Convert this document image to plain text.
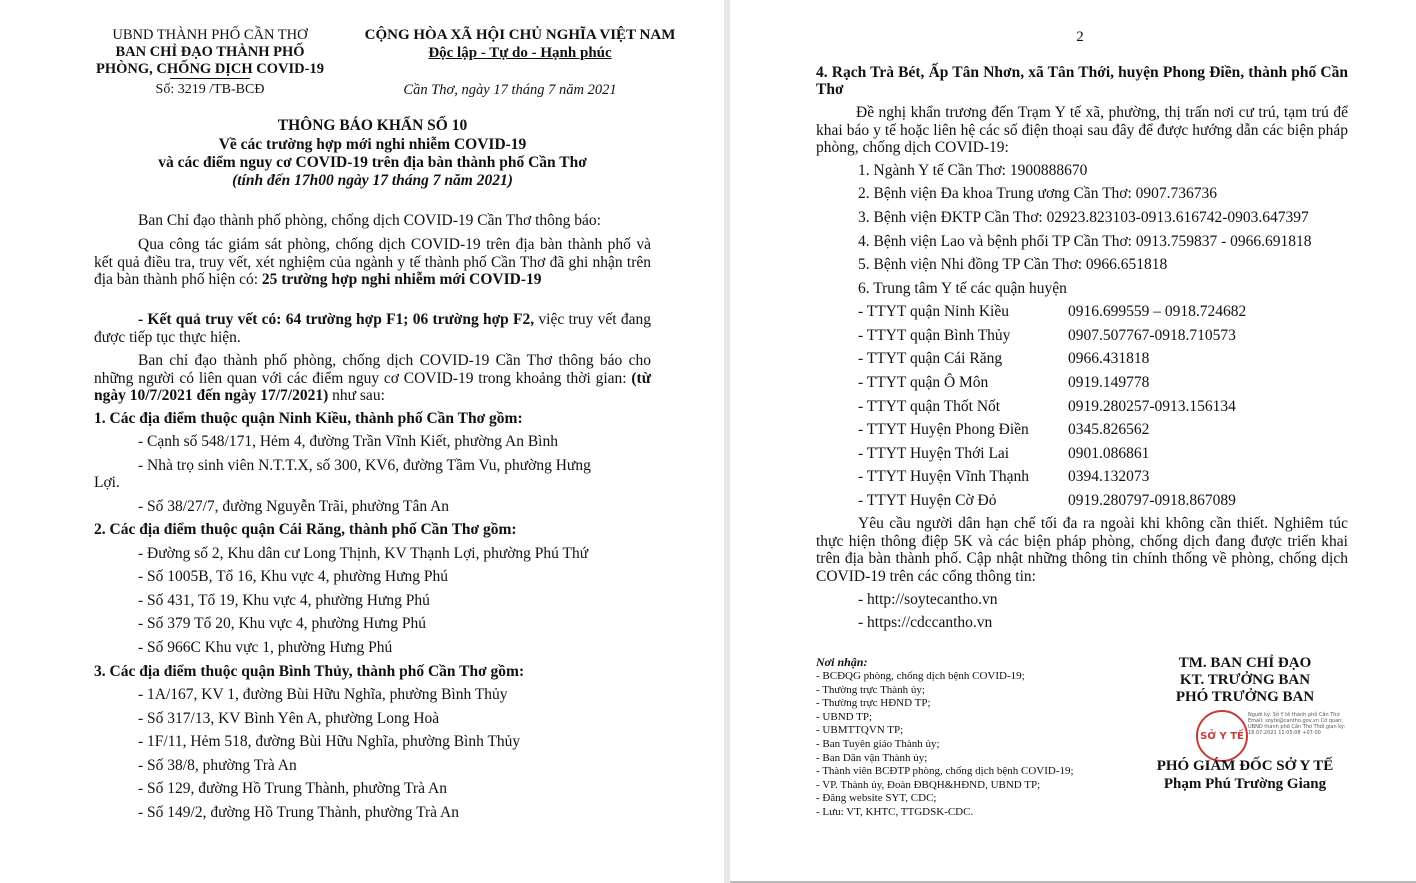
UBND THÀNH PHỐ CẦN THƠ
BAN CHỈ ĐẠO THÀNH PHỐ
PHÒNG, CHỐNG DỊCH COVID-19
Số: 3219 /TB-BCĐ
CỘNG HÒA XÃ HỘI CHỦ NGHĨA VIỆT NAM
Độc lập - Tự do - Hạnh phúc
Cần Thơ, ngày 17 tháng 7 năm 2021
THÔNG BÁO KHẨN SỐ 10
Về các trường hợp mới nghi nhiễm COVID-19
và các điểm nguy cơ COVID-19 trên địa bàn thành phố Cần Thơ
(tính đến 17h00 ngày 17 tháng 7 năm 2021)
Ban Chỉ đạo thành phố phòng, chống dịch COVID-19 Cần Thơ thông báo:
Qua công tác giám sát phòng, chống dịch COVID-19 trên địa bàn thành phố và kết quả điều tra, truy vết, xét nghiệm của ngành y tế thành phố Cần Thơ đã ghi nhận trên địa bàn thành phố hiện có: 25 trường hợp nghi nhiễm mới COVID-19
- Kết quả truy vết có: 64 trường hợp F1; 06 trường hợp F2, việc truy vết đang được tiếp tục thực hiện.
Ban chỉ đạo thành phố phòng, chống dịch COVID-19 Cần Thơ thông báo cho những người có liên quan với các điểm nguy cơ COVID-19 trong khoảng thời gian: (từ ngày 10/7/2021 đến ngày 17/7/2021) như sau:
1. Các địa điểm thuộc quận Ninh Kiều, thành phố Cần Thơ gồm:
- Cạnh số 548/171, Hẻm 4, đường Trần Vĩnh Kiết, phường An Bình
- Nhà trọ sinh viên N.T.T.X, số 300, KV6, đường Tầm Vu, phường Hưng
Lợi.
- Số 38/27/7, đường Nguyễn Trãi, phường Tân An
2. Các địa điểm thuộc quận Cái Răng, thành phố Cần Thơ gồm:
- Đường số 2, Khu dân cư Long Thịnh, KV Thạnh Lợi, phường Phú Thứ
- Số 1005B, Tổ 16, Khu vực 4, phường Hưng Phú
- Số 431, Tổ 19, Khu vực 4, phường Hưng Phú
- Số 379 Tổ 20, Khu vực 4, phường Hưng Phú
- Số 966C Khu vực 1, phường Hưng Phú
3. Các địa điểm thuộc quận Bình Thủy, thành phố Cần Thơ gồm:
- 1A/167, KV 1, đường Bùi Hữu Nghĩa, phường Bình Thủy
- Số 317/13, KV Bình Yên A, phường Long Hoà
- 1F/11, Hẻm 518, đường Bùi Hữu Nghĩa, phường Bình Thủy
- Số 38/8, phường Trà An
- Số 129, đường Hồ Trung Thành, phường Trà An
- Số 149/2, đường Hồ Trung Thành, phường Trà An
2
4. Rạch Trà Bét, Ấp Tân Nhơn, xã Tân Thới, huyện Phong Điền, thành phố Cần Thơ
Đề nghị khẩn trương đến Trạm Y tế xã, phường, thị trấn nơi cư trú, tạm trú để khai báo y tế hoặc liên hệ các số điện thoại sau đây để được hướng dẫn các biện pháp phòng, chống dịch COVID-19:
1. Ngành Y tế Cần Thơ: 1900888670
2. Bệnh viện Đa khoa Trung ương Cần Thơ: 0907.736736
3. Bệnh viện ĐKTP Cần Thơ: 02923.823103-0913.616742-0903.647397
4. Bệnh viện Lao và bệnh phổi TP Cần Thơ: 0913.759837 - 0966.691818
5. Bệnh viện Nhi đồng TP Cần Thơ: 0966.651818
6. Trung tâm Y tế các quận huyện
- TTYT quận Ninh Kiều	0916.699559 – 0918.724682
- TTYT quận Bình Thủy	0907.507767-0918.710573
- TTYT quận Cái Răng	0966.431818
- TTYT quận Ô Môn	0919.149778
- TTYT quận Thốt Nốt	0919.280257-0913.156134
- TTYT Huyện Phong Điền	0345.826562
- TTYT Huyện Thới Lai	0901.086861
- TTYT Huyện Vĩnh Thạnh	0394.132073
- TTYT Huyện Cờ Đỏ	0919.280797-0918.867089
Yêu cầu người dân hạn chế tối đa ra ngoài khi không cần thiết. Nghiêm túc thực hiện thông điệp 5K và các biện pháp phòng, chống dịch đang được triển khai trên địa bàn thành phố. Cập nhật những thông tin chính thống về phòng, chống dịch COVID-19 trên các cổng thông tin:
- http://soytecantho.vn
- https://cdccantho.vn
Nơi nhận:
- BCĐQG phòng, chống dịch bệnh COVID-19;
- Thường trực Thành ủy;
- Thường trực HĐND TP;
- UBND TP;
- UBMTTQVN TP;
- Ban Tuyên giáo Thành ủy;
- Ban Dân vận Thành ủy;
- Thành viên BCĐTP phòng, chống dịch bệnh COVID-19;
- VP. Thành ủy, Đoàn ĐBQH&HĐND, UBND TP;
- Đăng website SYT, CDC;
- Lưu: VT, KHTC, TTGDSK-CDC.
TM. BAN CHỈ ĐẠO
KT. TRƯỞNG BAN
PHÓ TRƯỞNG BAN
SỞ Y TẾ
Người ký: Sở Y tế thành phố Cần Thơ Email: soyte@cantho.gov.vn Cơ quan: UBND thành phố Cần Thơ Thời gian ký: 18.07.2021 11:05:08 +07:00
PHÓ GIÁM ĐỐC SỞ Y TẾ
Phạm Phú Trường Giang
